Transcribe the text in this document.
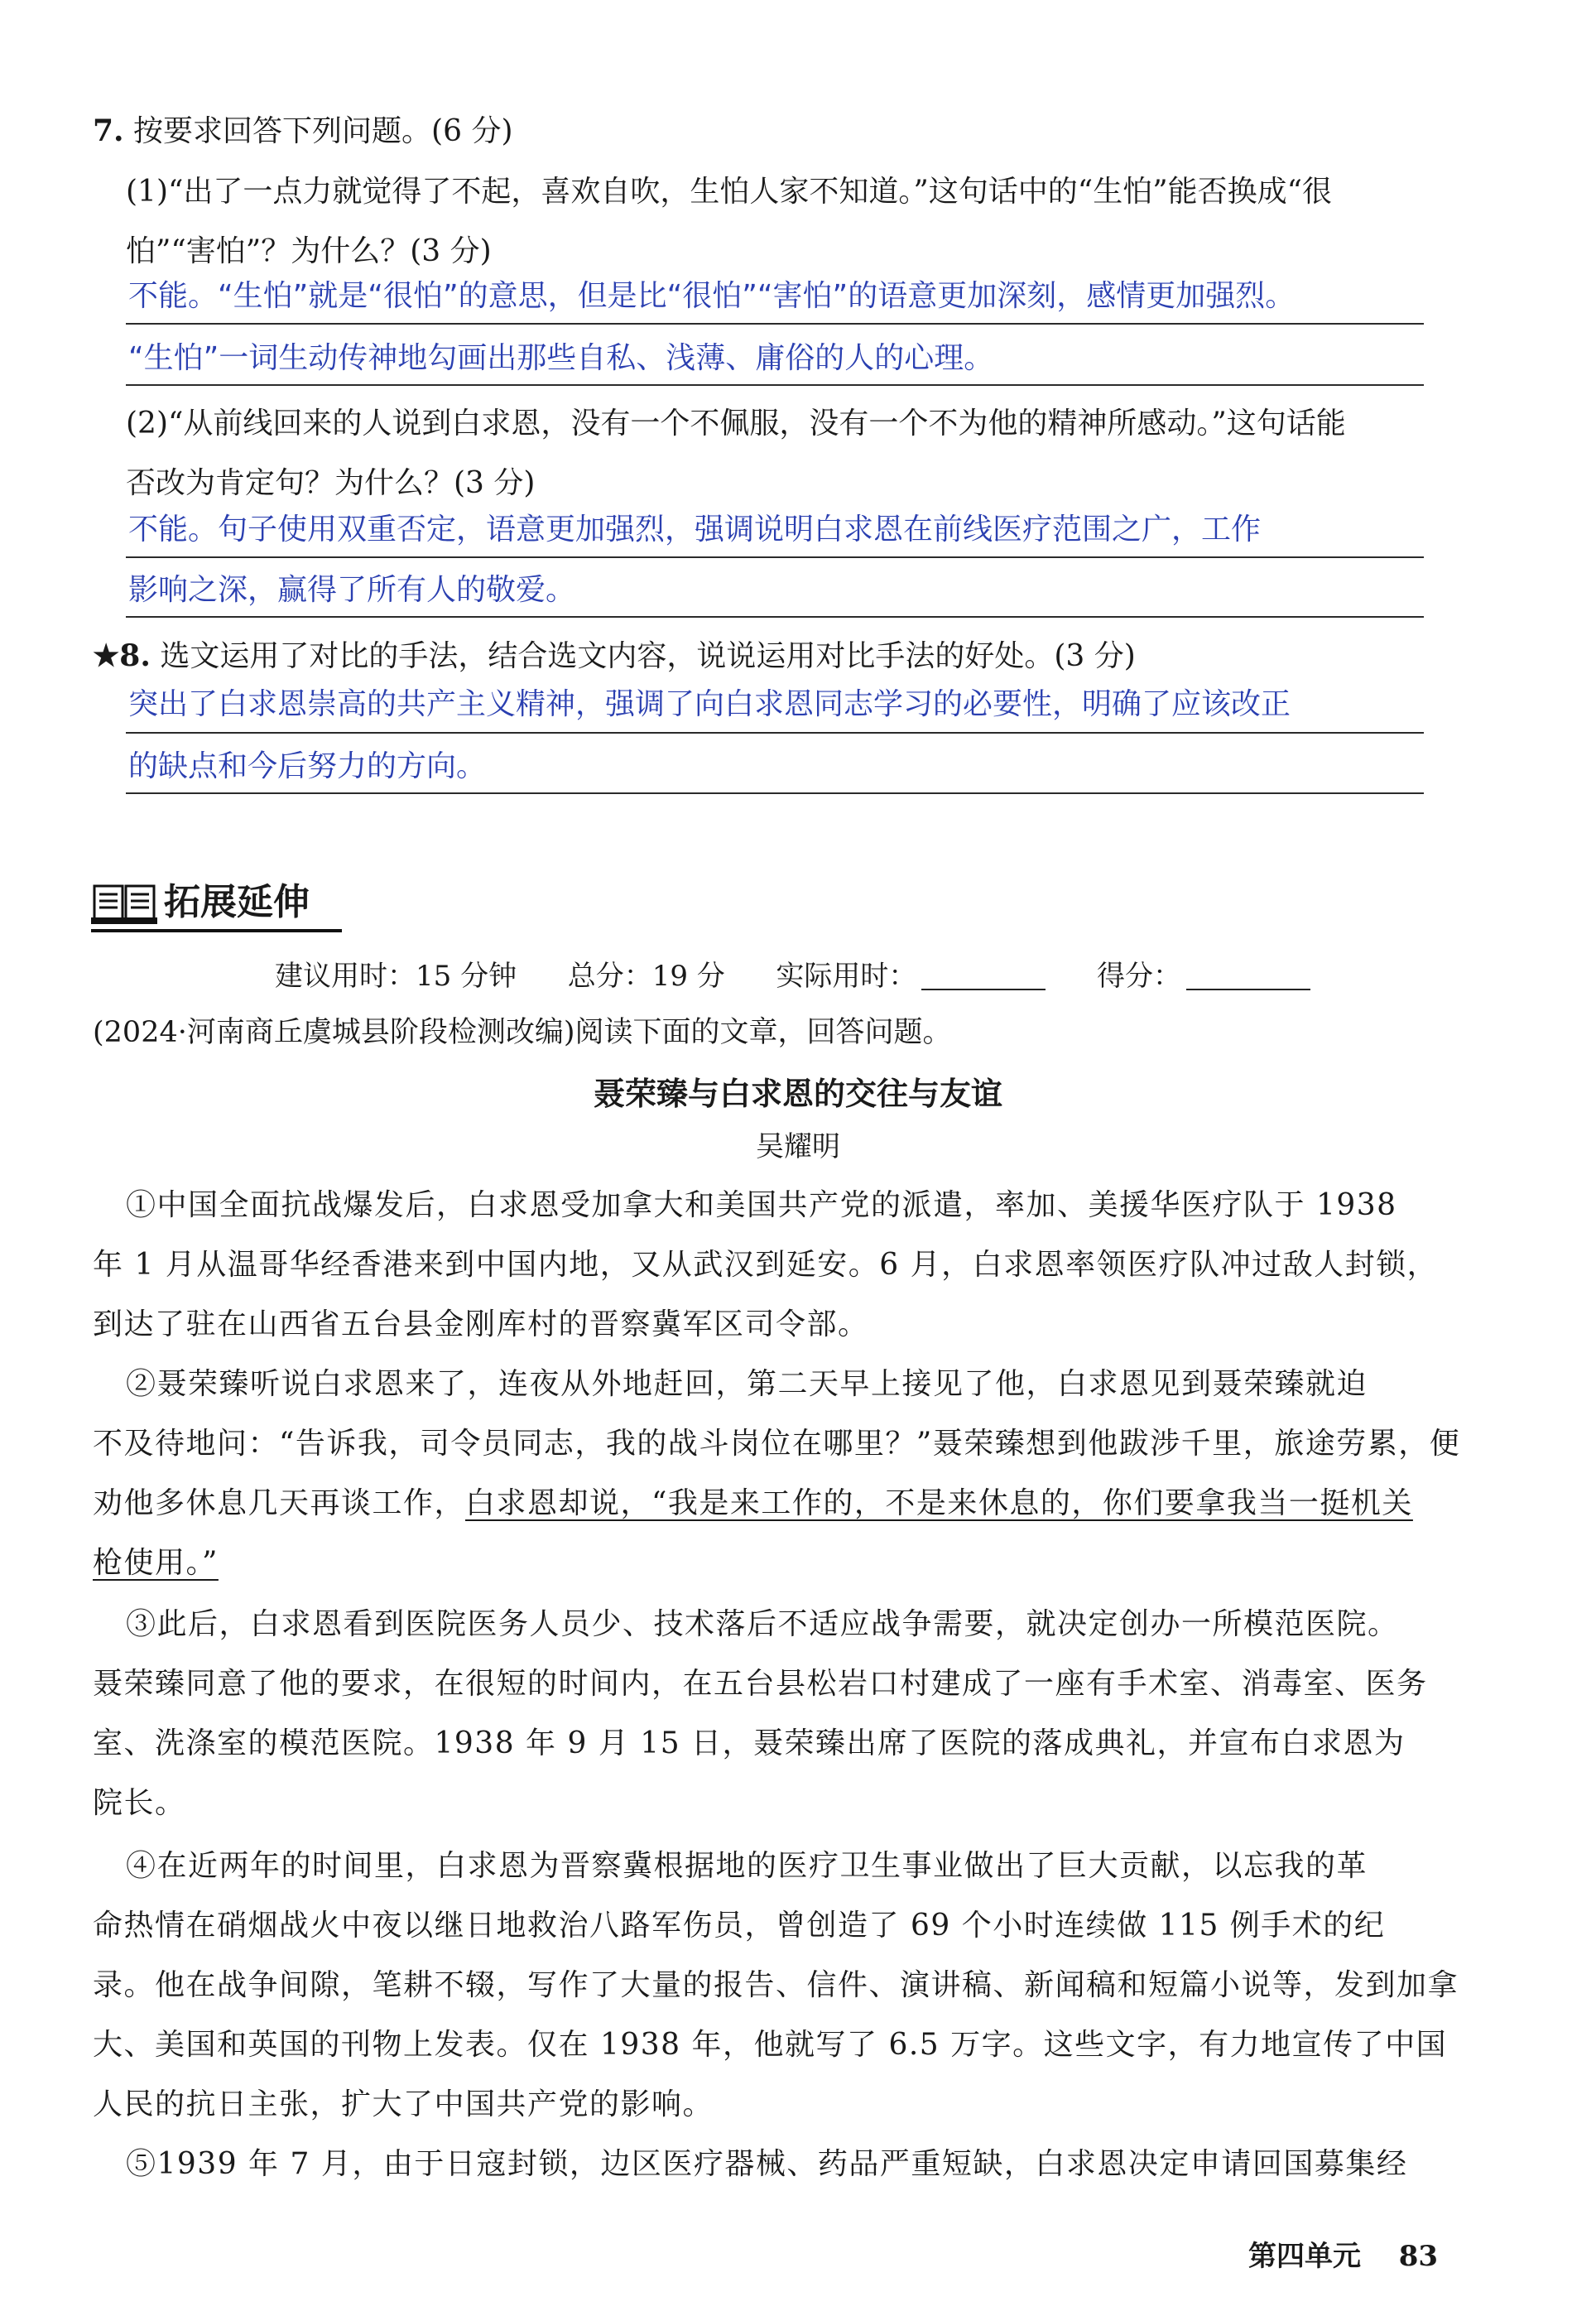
7. 按要求回答下列问题。(6 分)
(1)“出了一点力就觉得了不起，喜欢自吹，生怕人家不知道。”这句话中的“生怕”能否换成“很
怕”“害怕”？为什么？(3 分)
不能。“生怕”就是“很怕”的意思，但是比“很怕”“害怕”的语意更加深刻，感情更加强烈。
“生怕”一词生动传神地勾画出那些自私、浅薄、庸俗的人的心理。
(2)“从前线回来的人说到白求恩，没有一个不佩服，没有一个不为他的精神所感动。”这句话能
否改为肯定句？为什么？(3 分)
不能。句子使用双重否定，语意更加强烈，强调说明白求恩在前线医疗范围之广，工作
影响之深，赢得了所有人的敬爱。
★8. 选文运用了对比的手法，结合选文内容，说说运用对比手法的好处。(3 分)
突出了白求恩崇高的共产主义精神，强调了向白求恩同志学习的必要性，明确了应该改正
的缺点和今后努力的方向。
拓展延伸
建议用时：15 分钟 总分：19 分 实际用时：	得分：
(2024·河南商丘虞城县阶段检测改编)阅读下面的文章，回答问题。
聂荣臻与白求恩的交往与友谊
吴耀明
①中国全面抗战爆发后，白求恩受加拿大和美国共产党的派遣，率加、美援华医疗队于 1938
年 1 月从温哥华经香港来到中国内地，又从武汉到延安。6 月，白求恩率领医疗队冲过敌人封锁，
到达了驻在山西省五台县金刚库村的晋察冀军区司令部。
②聂荣臻听说白求恩来了，连夜从外地赶回，第二天早上接见了他，白求恩见到聂荣臻就迫
不及待地问：“告诉我，司令员同志，我的战斗岗位在哪里？”聂荣臻想到他跋涉千里，旅途劳累，便
劝他多休息几天再谈工作，白求恩却说，“我是来工作的，不是来休息的，你们要拿我当一挺机关
枪使用。”
③此后，白求恩看到医院医务人员少、技术落后不适应战争需要，就决定创办一所模范医院。
聂荣臻同意了他的要求，在很短的时间内，在五台县松岩口村建成了一座有手术室、消毒室、医务
室、洗涤室的模范医院。1938 年 9 月 15 日，聂荣臻出席了医院的落成典礼，并宣布白求恩为
院长。
④在近两年的时间里，白求恩为晋察冀根据地的医疗卫生事业做出了巨大贡献，以忘我的革
命热情在硝烟战火中夜以继日地救治八路军伤员，曾创造了 69 个小时连续做 115 例手术的纪
录。他在战争间隙，笔耕不辍，写作了大量的报告、信件、演讲稿、新闻稿和短篇小说等，发到加拿
大、美国和英国的刊物上发表。仅在 1938 年，他就写了 6.5 万字。这些文字，有力地宣传了中国
人民的抗日主张，扩大了中国共产党的影响。
⑤1939 年 7 月，由于日寇封锁，边区医疗器械、药品严重短缺，白求恩决定申请回国募集经
第四单元 83
